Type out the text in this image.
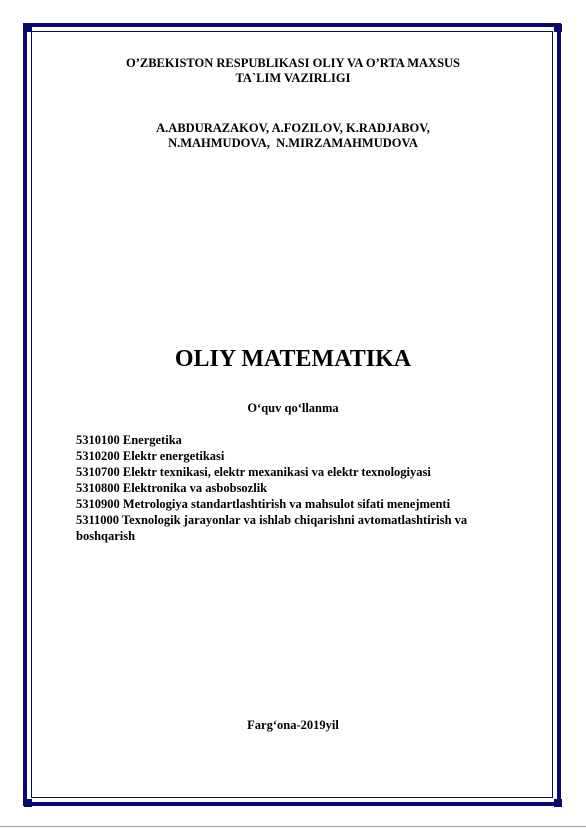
O’ZBEKISTON RESPUBLIKASI OLIY VA O’RTA MAXSUS
TA`LIM VAZIRLIGI
A.ABDURAZAKOV, A.FOZILOV, K.RADJABOV,
N.MAHMUDOVA,  N.MIRZAMAHMUDOVA
OLIY MATEMATIKA
O‘quv qo‘llanma
5310100 Energetika
5310200 Elektr energetikasi
5310700 Elektr texnikasi, elektr mexanikasi va elektr texnologiyasi
5310800 Elektronika va asbobsozlik
5310900 Metrologiya standartlashtirish va mahsulot sifati menejmenti
5311000 Texnologik jarayonlar va ishlab chiqarishni avtomatlashtirish va boshqarish
Farg‘ona-2019yil
